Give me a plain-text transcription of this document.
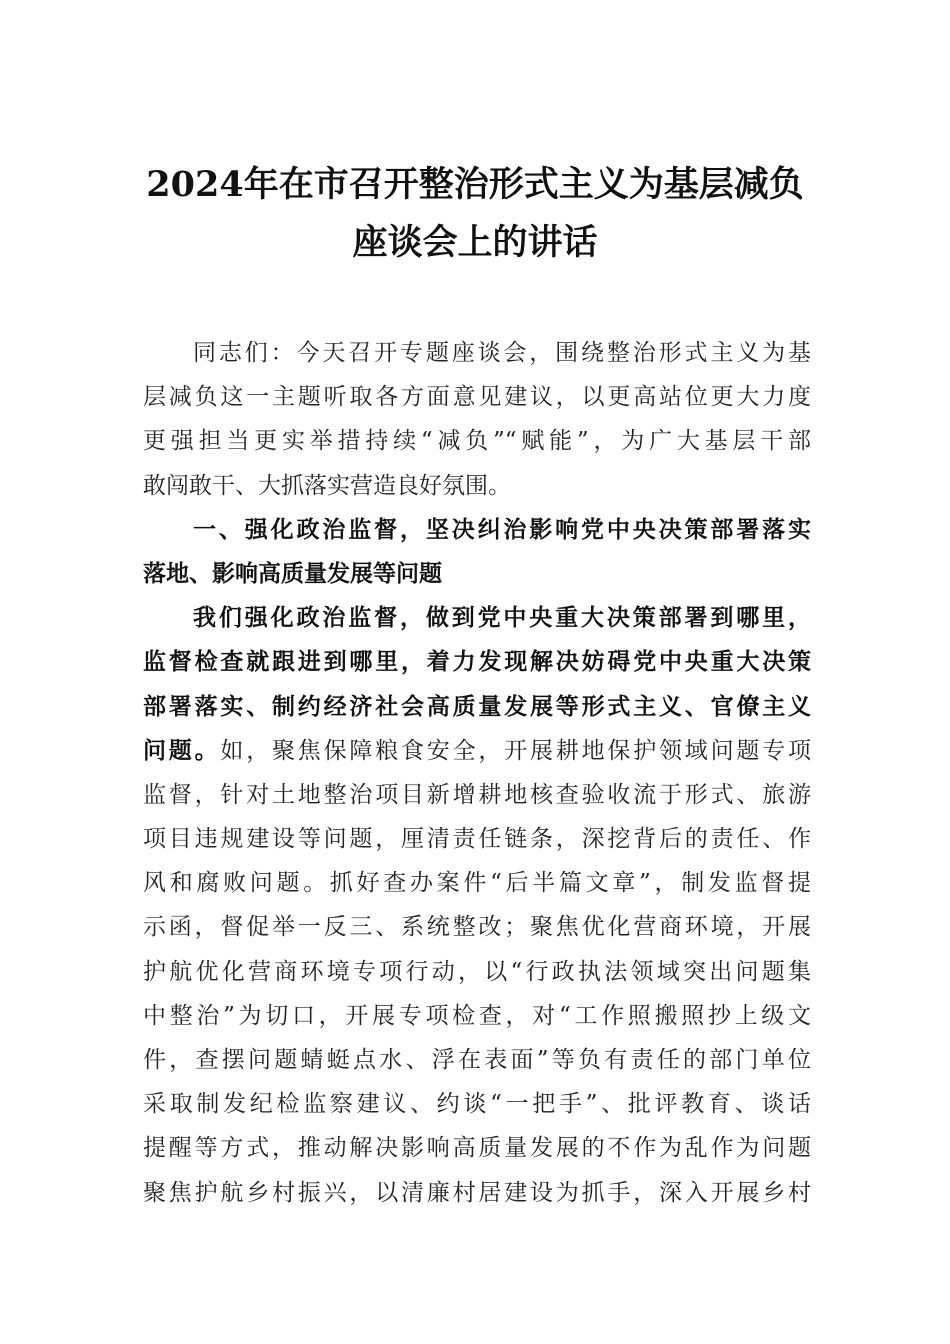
2024年在市召开整治形式主义为基层减负
座谈会上的讲话
同志们：今天召开专题座谈会，围绕整治形式主义为基
层减负这一主题听取各方面意见建议，以更高站位更大力度
更强担当更实举措持续“减负”“赋能”，为广大基层干部
敢闯敢干、大抓落实营造良好氛围。
一、强化政治监督，坚决纠治影响党中央决策部署落实
落地、影响高质量发展等问题
我们强化政治监督，做到党中央重大决策部署到哪里，
监督检查就跟进到哪里，着力发现解决妨碍党中央重大决策
部署落实、制约经济社会高质量发展等形式主义、官僚主义
问题。如，聚焦保障粮食安全，开展耕地保护领域问题专项
监督，针对土地整治项目新增耕地核查验收流于形式、旅游
项目违规建设等问题，厘清责任链条，深挖背后的责任、作
风和腐败问题。抓好查办案件“后半篇文章”，制发监督提
示函，督促举一反三、系统整改；聚焦优化营商环境，开展
护航优化营商环境专项行动，以“行政执法领域突出问题集
中整治”为切口，开展专项检查，对“工作照搬照抄上级文
件，查摆问题蜻蜓点水、浮在表面”等负有责任的部门单位
采取制发纪检监察建议、约谈“一把手”、批评教育、谈话
提醒等方式，推动解决影响高质量发展的不作为乱作为问题
聚焦护航乡村振兴，以清廉村居建设为抓手，深入开展乡村
